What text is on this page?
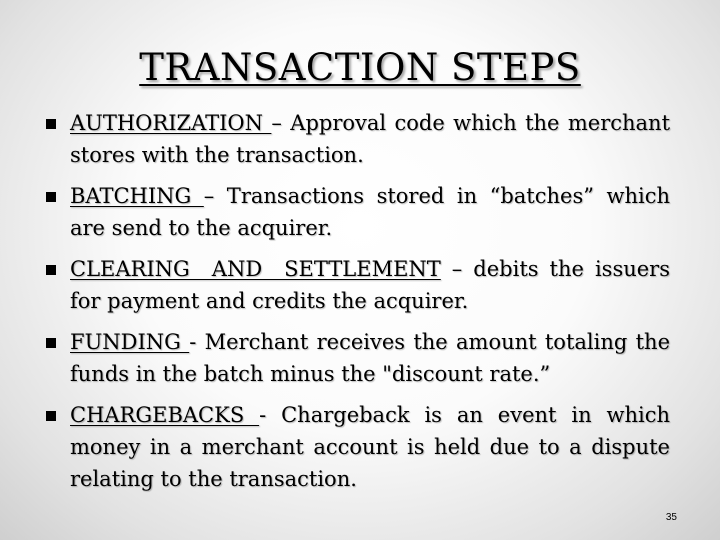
TRANSACTION STEPS
AUTHORIZATION – Approval code which the merchant stores with the transaction.
BATCHING – Transactions stored in “batches” which are send to the acquirer.
CLEARING  AND  SETTLEMENT – debits the issuers for payment and credits the acquirer.
FUNDING - Merchant receives the amount totaling the funds in the batch minus the "discount rate.”
CHARGEBACKS - Chargeback is an event in which money in a merchant account is held due to a dispute relating to the transaction.
35
